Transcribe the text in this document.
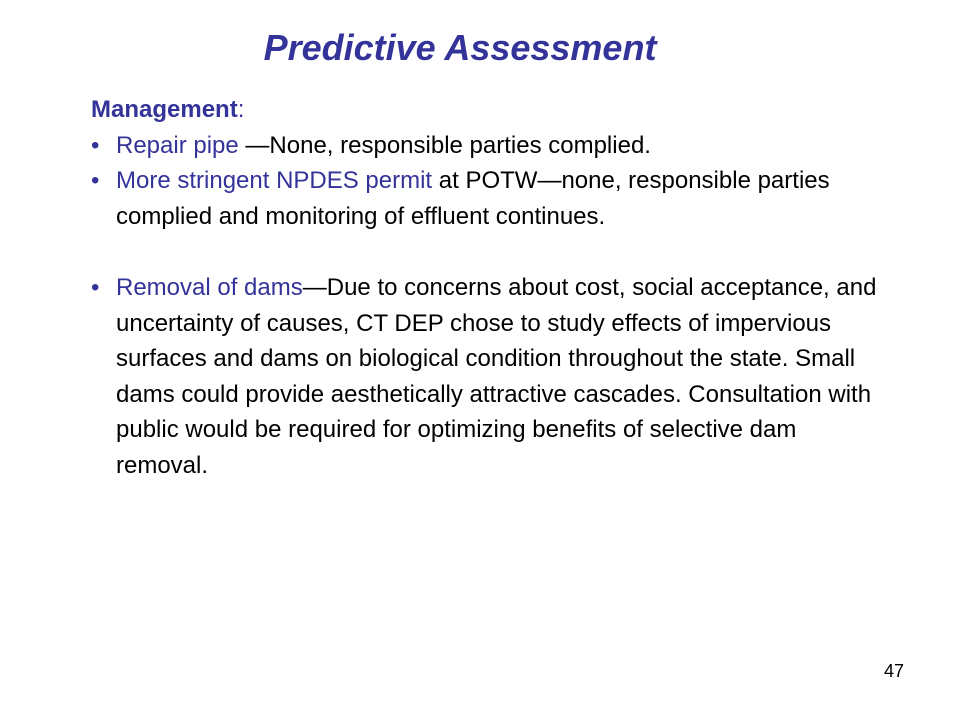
Predictive Assessment
Management:
• Repair pipe —None, responsible parties complied.
• More stringent NPDES permit at POTW—none, responsible parties complied and monitoring of effluent continues.
• Removal of dams—Due to concerns about cost, social acceptance, and uncertainty of causes, CT DEP chose to study effects of impervious surfaces and dams on biological condition throughout the state. Small dams could provide aesthetically attractive cascades. Consultation with public would be required for optimizing benefits of selective dam removal.
47
